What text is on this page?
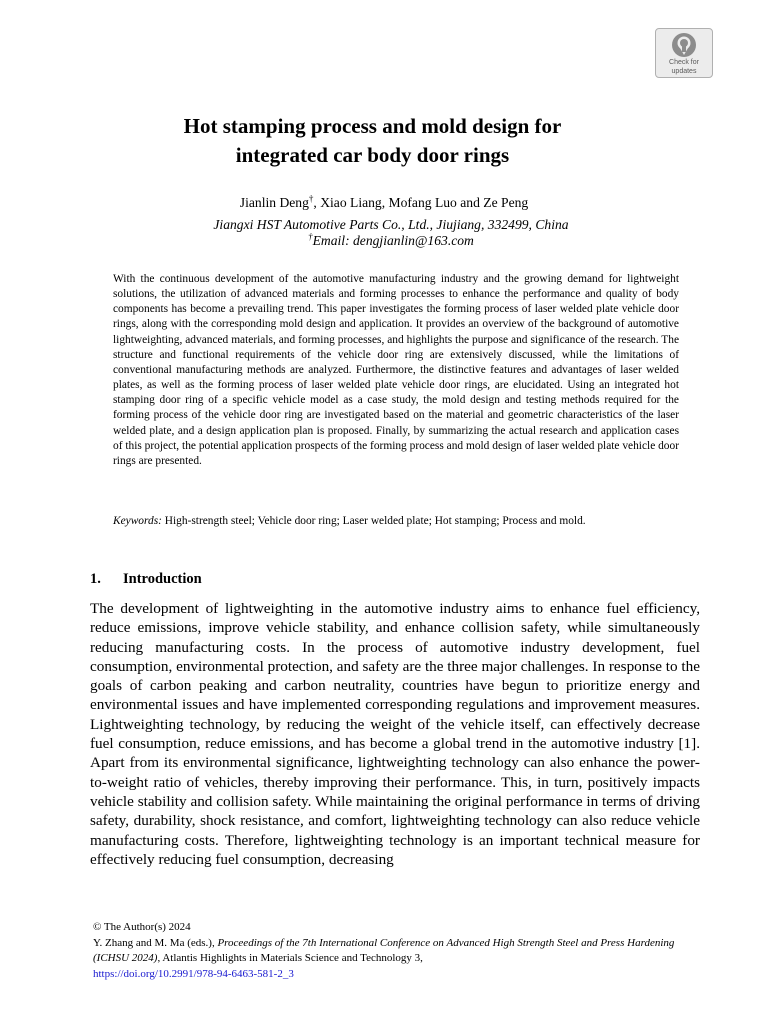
Check for
updates
Hot stamping process and mold design for
integrated car body door rings
Jianlin Deng†, Xiao Liang, Mofang Luo and Ze Peng
Jiangxi HST Automotive Parts Co., Ltd., Jiujiang, 332499, China
†Email: dengjianlin@163.com

With the continuous development of the automotive manufacturing industry and the growing demand for lightweight solutions, the utilization of advanced materials and forming processes to enhance the performance and quality of body components has become a prevailing trend. This paper investigates the forming process of laser welded plate vehicle door rings, along with the corresponding mold design and application. It provides an overview of the background of automotive lightweighting, advanced materials, and forming processes, and highlights the purpose and significance of the research. The structure and functional requirements of the vehicle door ring are extensively discussed, while the limitations of conventional manufacturing methods are analyzed. Furthermore, the distinctive features and advantages of laser welded plates, as well as the forming process of laser welded plate vehicle door rings, are elucidated. Using an integrated hot stamping door ring of a specific vehicle model as a case study, the mold design and testing methods required for the forming process of the vehicle door ring are investigated based on the material and geometric characteristics of the laser welded plate, and a design application plan is proposed. Finally, by summarizing the actual research and application cases of this project, the potential application prospects of the forming process and mold design of laser welded plate vehicle door rings are presented.

Keywords: High-strength steel; Vehicle door ring; Laser welded plate; Hot stamping; Process and mold.

1. Introduction

The development of lightweighting in the automotive industry aims to enhance fuel efficiency, reduce emissions, improve vehicle stability, and enhance collision safety, while simultaneously reducing manufacturing costs. In the process of automotive industry development, fuel consumption, environmental protection, and safety are the three major challenges. In response to the goals of carbon peaking and carbon neutrality, countries have begun to prioritize energy and environmental issues and have implemented corresponding regulations and improvement measures. Lightweighting technology, by reducing the weight of the vehicle itself, can effectively decrease fuel consumption, reduce emissions, and has become a global trend in the automotive industry [1]. Apart from its environmental significance, lightweighting technology can also enhance the power-to-weight ratio of vehicles, thereby improving their performance. This, in turn, positively impacts vehicle stability and collision safety. While maintaining the original performance in terms of driving safety, durability, shock resistance, and comfort, lightweighting technology can also reduce vehicle manufacturing costs. Therefore, lightweighting technology is an important technical measure for effectively reducing fuel consumption, decreasing

© The Author(s) 2024
Y. Zhang and M. Ma (eds.), Proceedings of the 7th International Conference on Advanced High Strength Steel and Press Hardening (ICHSU 2024), Atlantis Highlights in Materials Science and Technology 3,
https://doi.org/10.2991/978-94-6463-581-2_3
